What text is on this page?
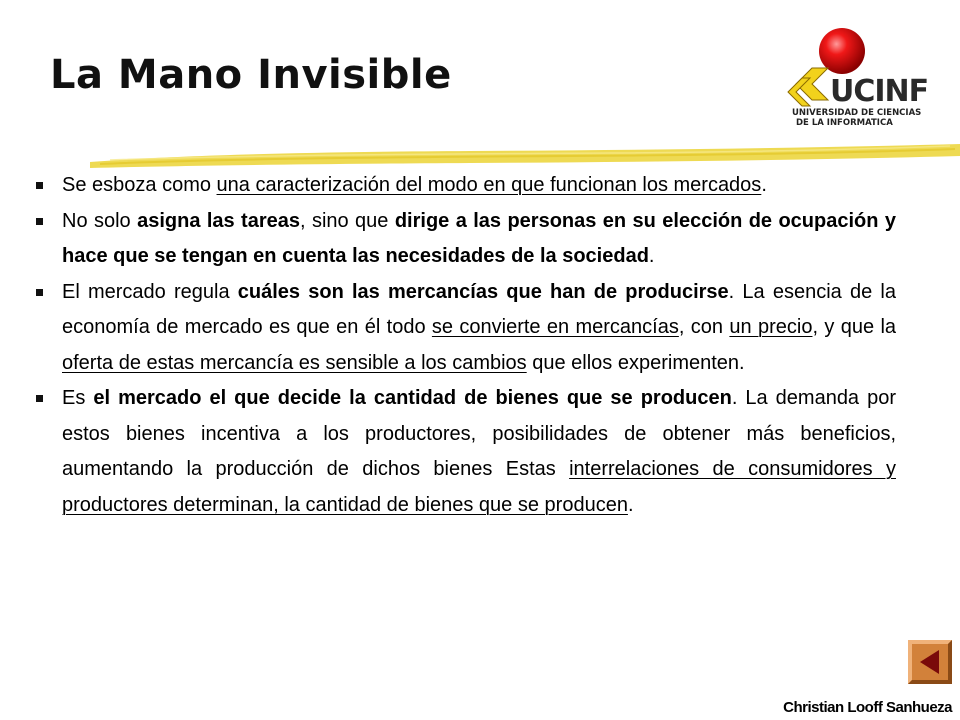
La Mano Invisible	UCINF
UNIVERSIDAD DE CIENCIAS
DE LA INFORMATICA
Se esboza como una caracterización del modo en que funcionan los mercados.
No solo asigna las tareas, sino que dirige a las personas en su elección de ocupación y hace que se tengan en cuenta las necesidades de la sociedad.
El mercado regula cuáles son las mercancías que han de producirse. La esencia de la economía de mercado es que en él todo se convierte en mercancías, con un precio, y que la oferta de estas mercancía es sensible a los cambios que ellos experimenten.
Es el mercado el que decide la cantidad de bienes que se producen. La demanda por estos bienes incentiva a los productores, posibilidades de obtener más beneficios, aumentando la producción de dichos bienes Estas interrelaciones de consumidores y productores determinan, la cantidad de bienes que se producen.
Christian Looff Sanhueza
